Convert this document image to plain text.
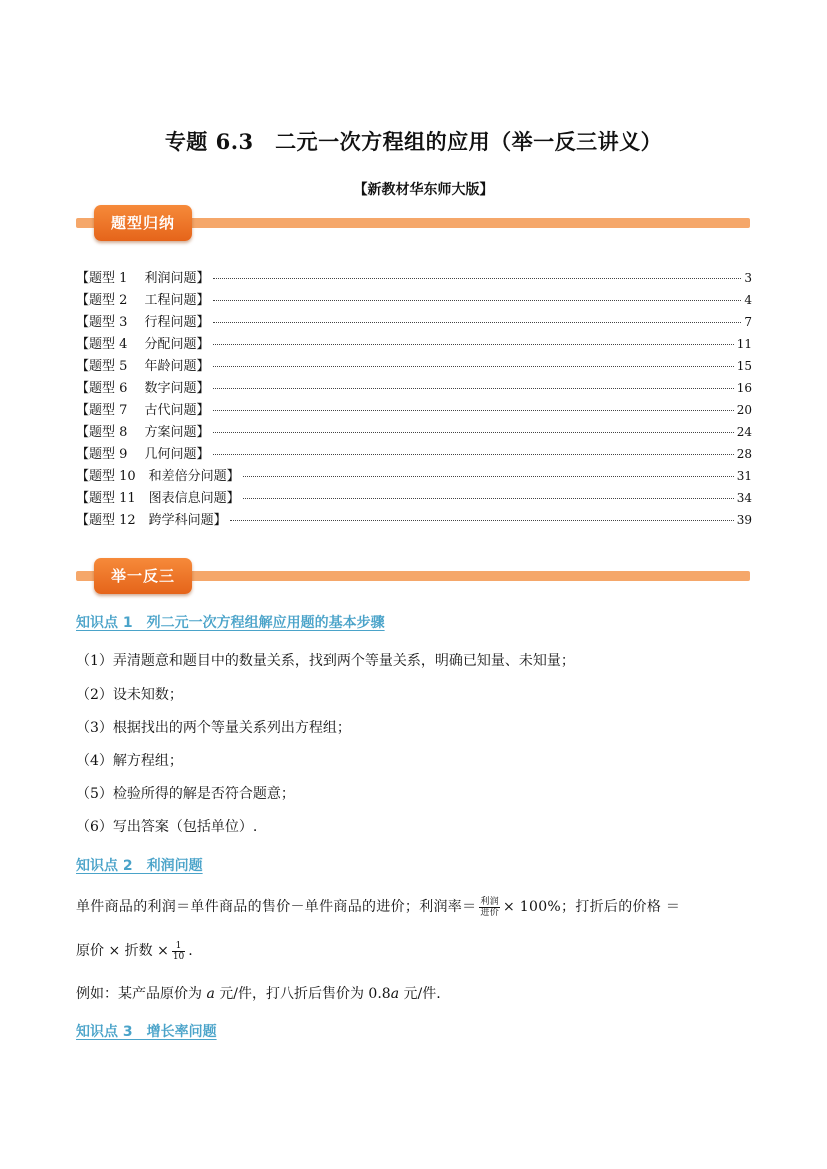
专题 6.3　二元一次方程组的应用（举一反三讲义）
【新教材华东师大版】
题型归纳
【题型 1　 利润问题】	3
【题型 2　 工程问题】	4
【题型 3　 行程问题】	7
【题型 4　 分配问题】	11
【题型 5　 年龄问题】	15
【题型 6　 数字问题】	16
【题型 7　 古代问题】	20
【题型 8　 方案问题】	24
【题型 9　 几何问题】	28
【题型 10　和差倍分问题】	31
【题型 11　图表信息问题】	34
【题型 12　跨学科问题】	39
举一反三
知识点 1　列二元一次方程组解应用题的基本步骤
（1）弄清题意和题目中的数量关系，找到两个等量关系，明确已知量、未知量；
（2）设未知数；
（3）根据找出的两个等量关系列出方程组；
（4）解方程组；
（5）检验所得的解是否符合题意；
（6）写出答案（包括单位）.
知识点 2　利润问题
单件商品的利润＝单件商品的售价－单件商品的进价；利润率＝ $\frac{\text{利润}}{\text{进价}} \times 100\%$；打折后的价格 ＝
原价 × 折数 × $\frac{1}{10}$ .
例如：某产品原价为 a 元/件，打八折后售价为 0.8a 元/件.
知识点 3　增长率问题
